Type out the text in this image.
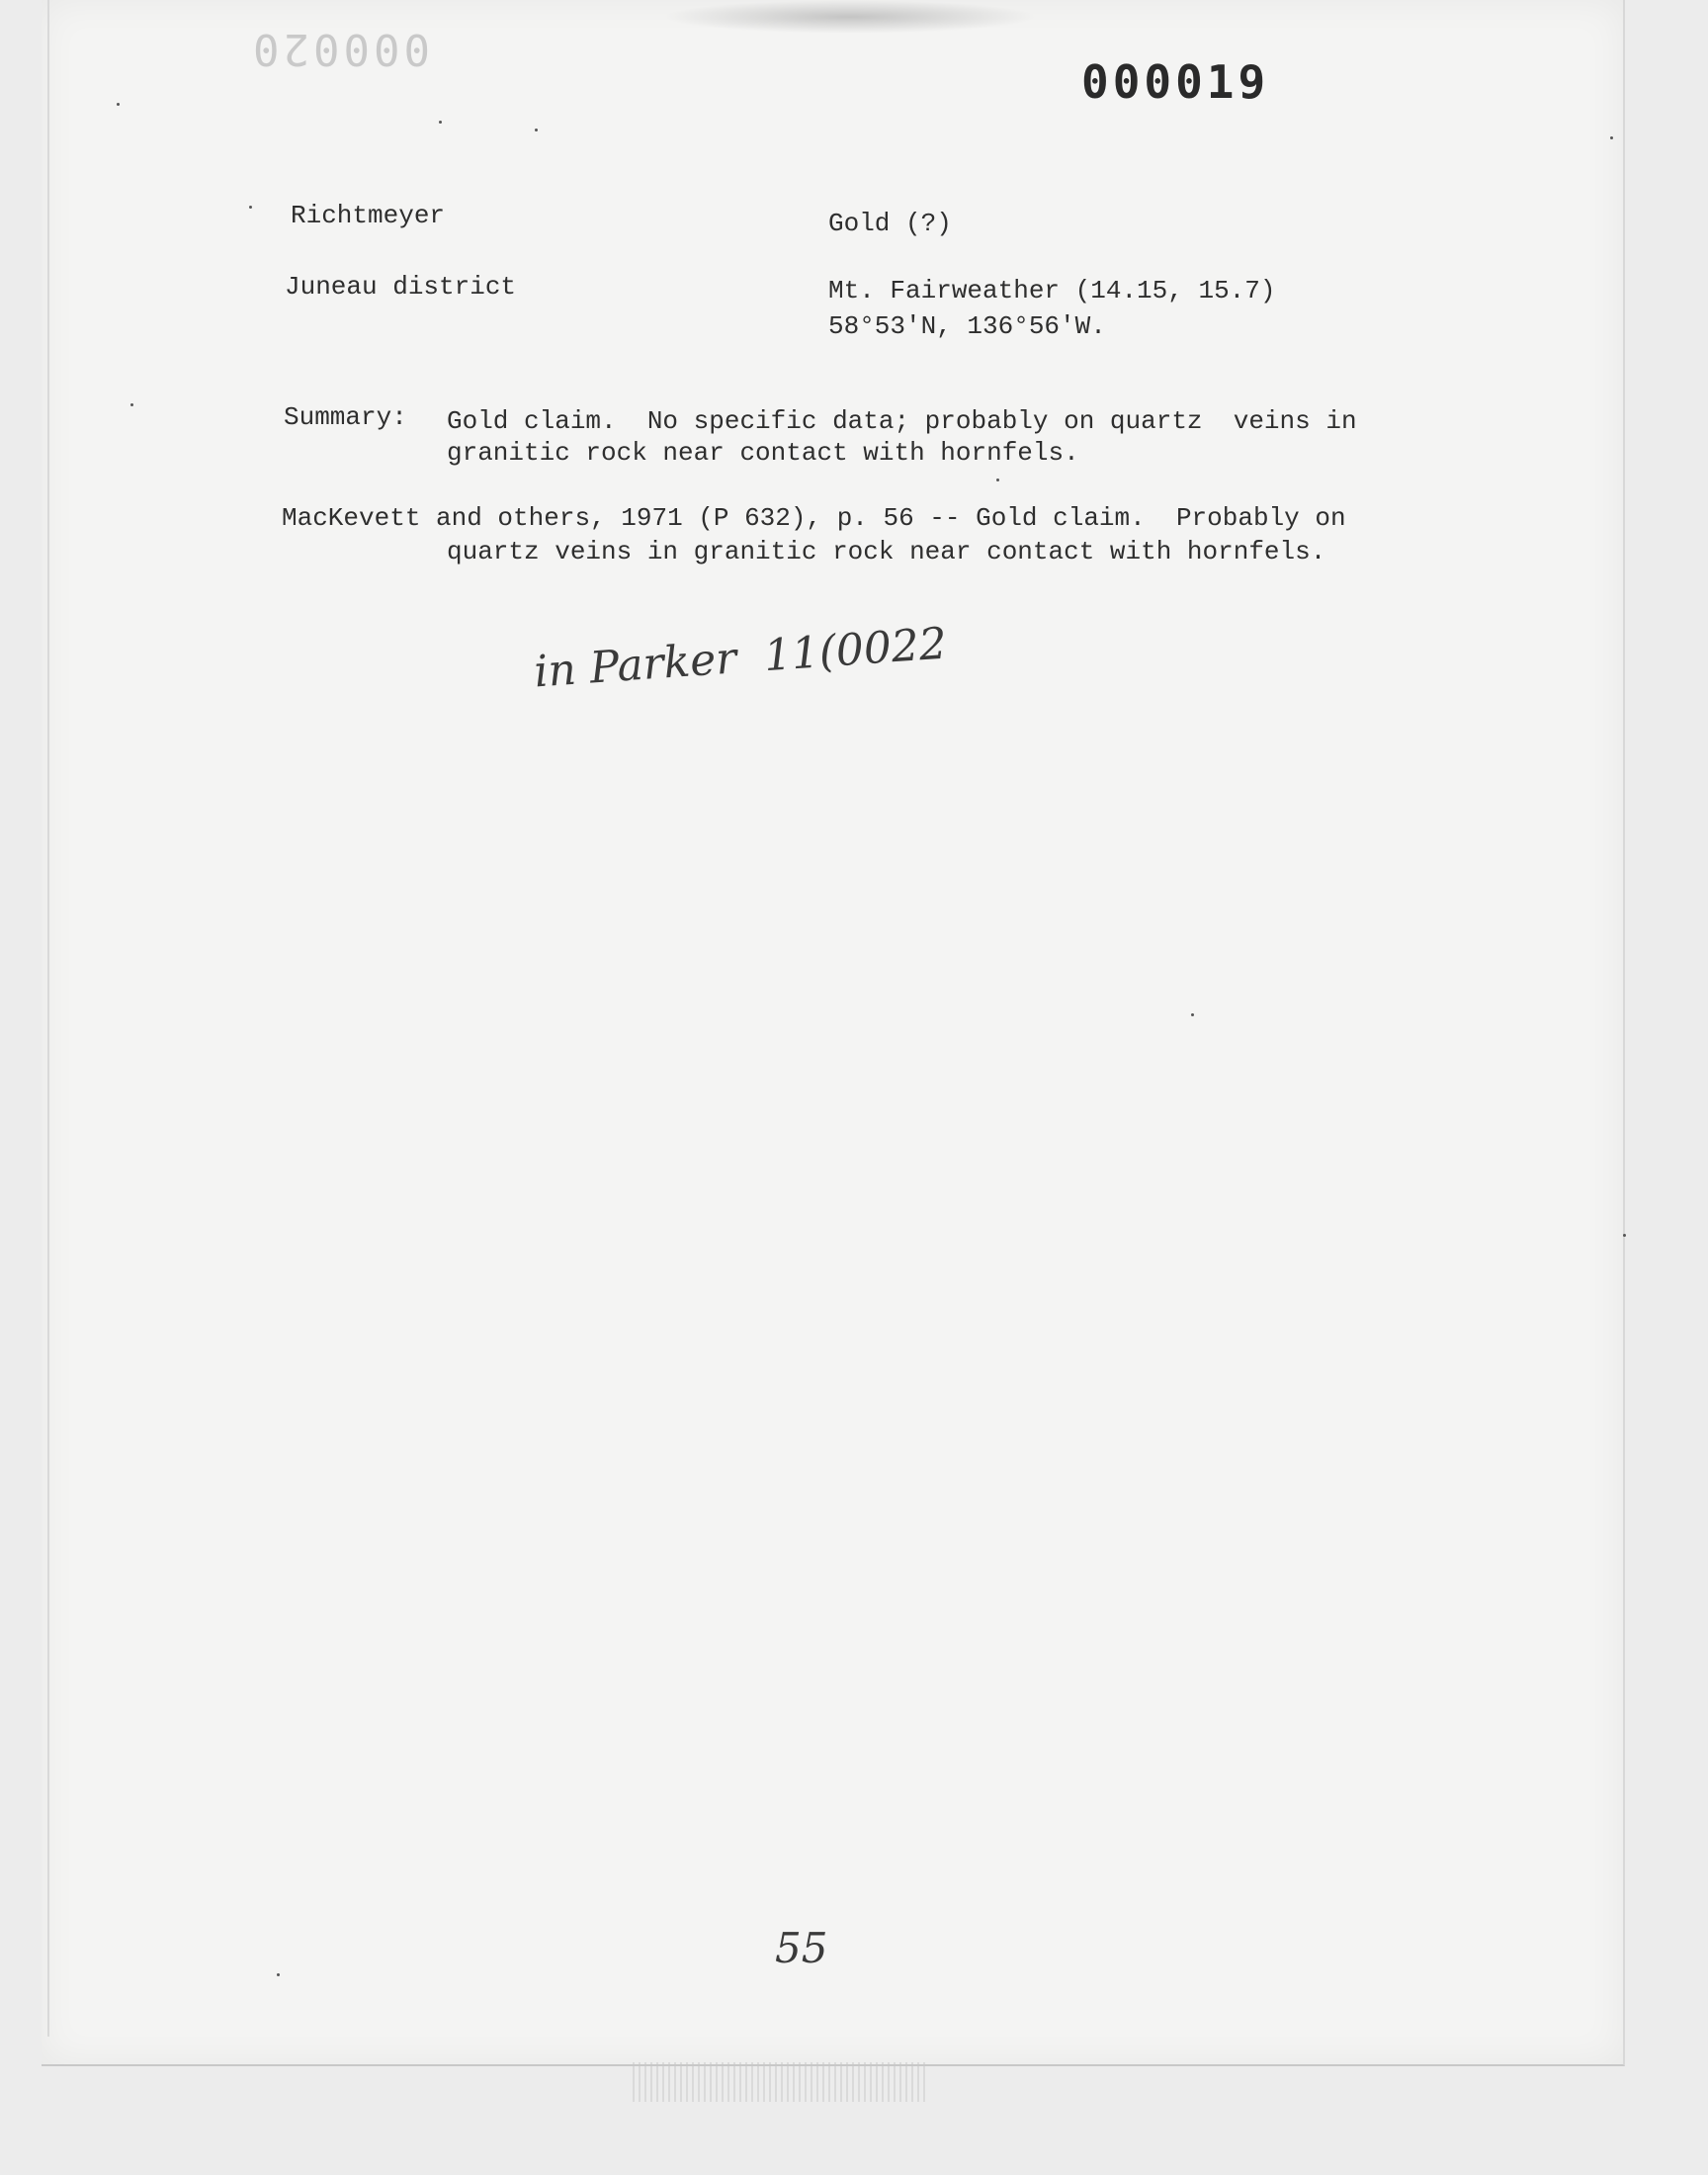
000020
000019
Richtmeyer	Gold (?)
Juneau district	Mt. Fairweather (14.15, 15.7)
58°53'N, 136°56'W.
Summary: Gold claim.  No specific data; probably on quartz  veins in
granitic rock near contact with hornfels.
MacKevett and others, 1971 (P 632), p. 56 -- Gold claim.  Probably on
quartz veins in granitic rock near contact with hornfels.
in Parker  11(0022
55
